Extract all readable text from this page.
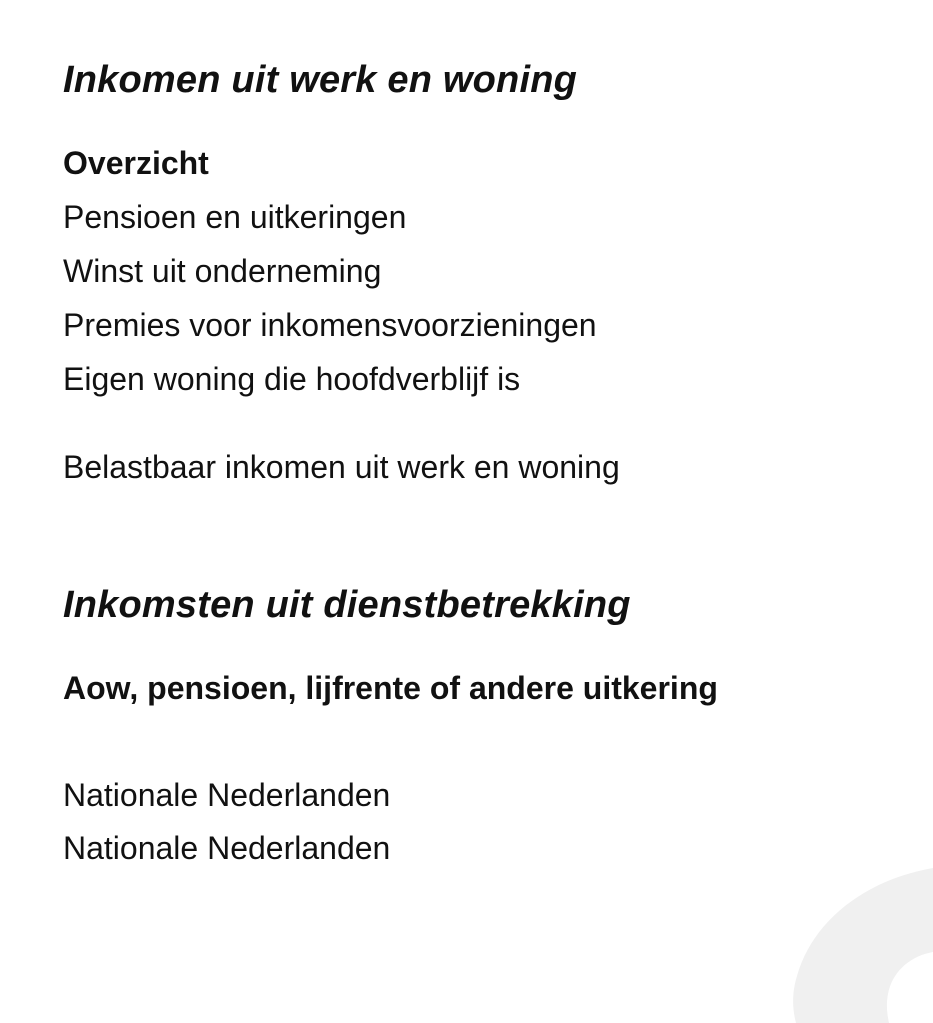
Inkomen uit werk en woning
Overzicht

Pensioen en uitkeringen

Winst uit onderneming

Premies voor inkomensvoorzieningen

Eigen woning die hoofdverblijf is

Belastbaar inkomen uit werk en woning

Inkomsten uit dienstbetrekking
Aow, pensioen, lijfrente of andere uitkering

Nationale Nederlanden

Nationale Nederlanden
